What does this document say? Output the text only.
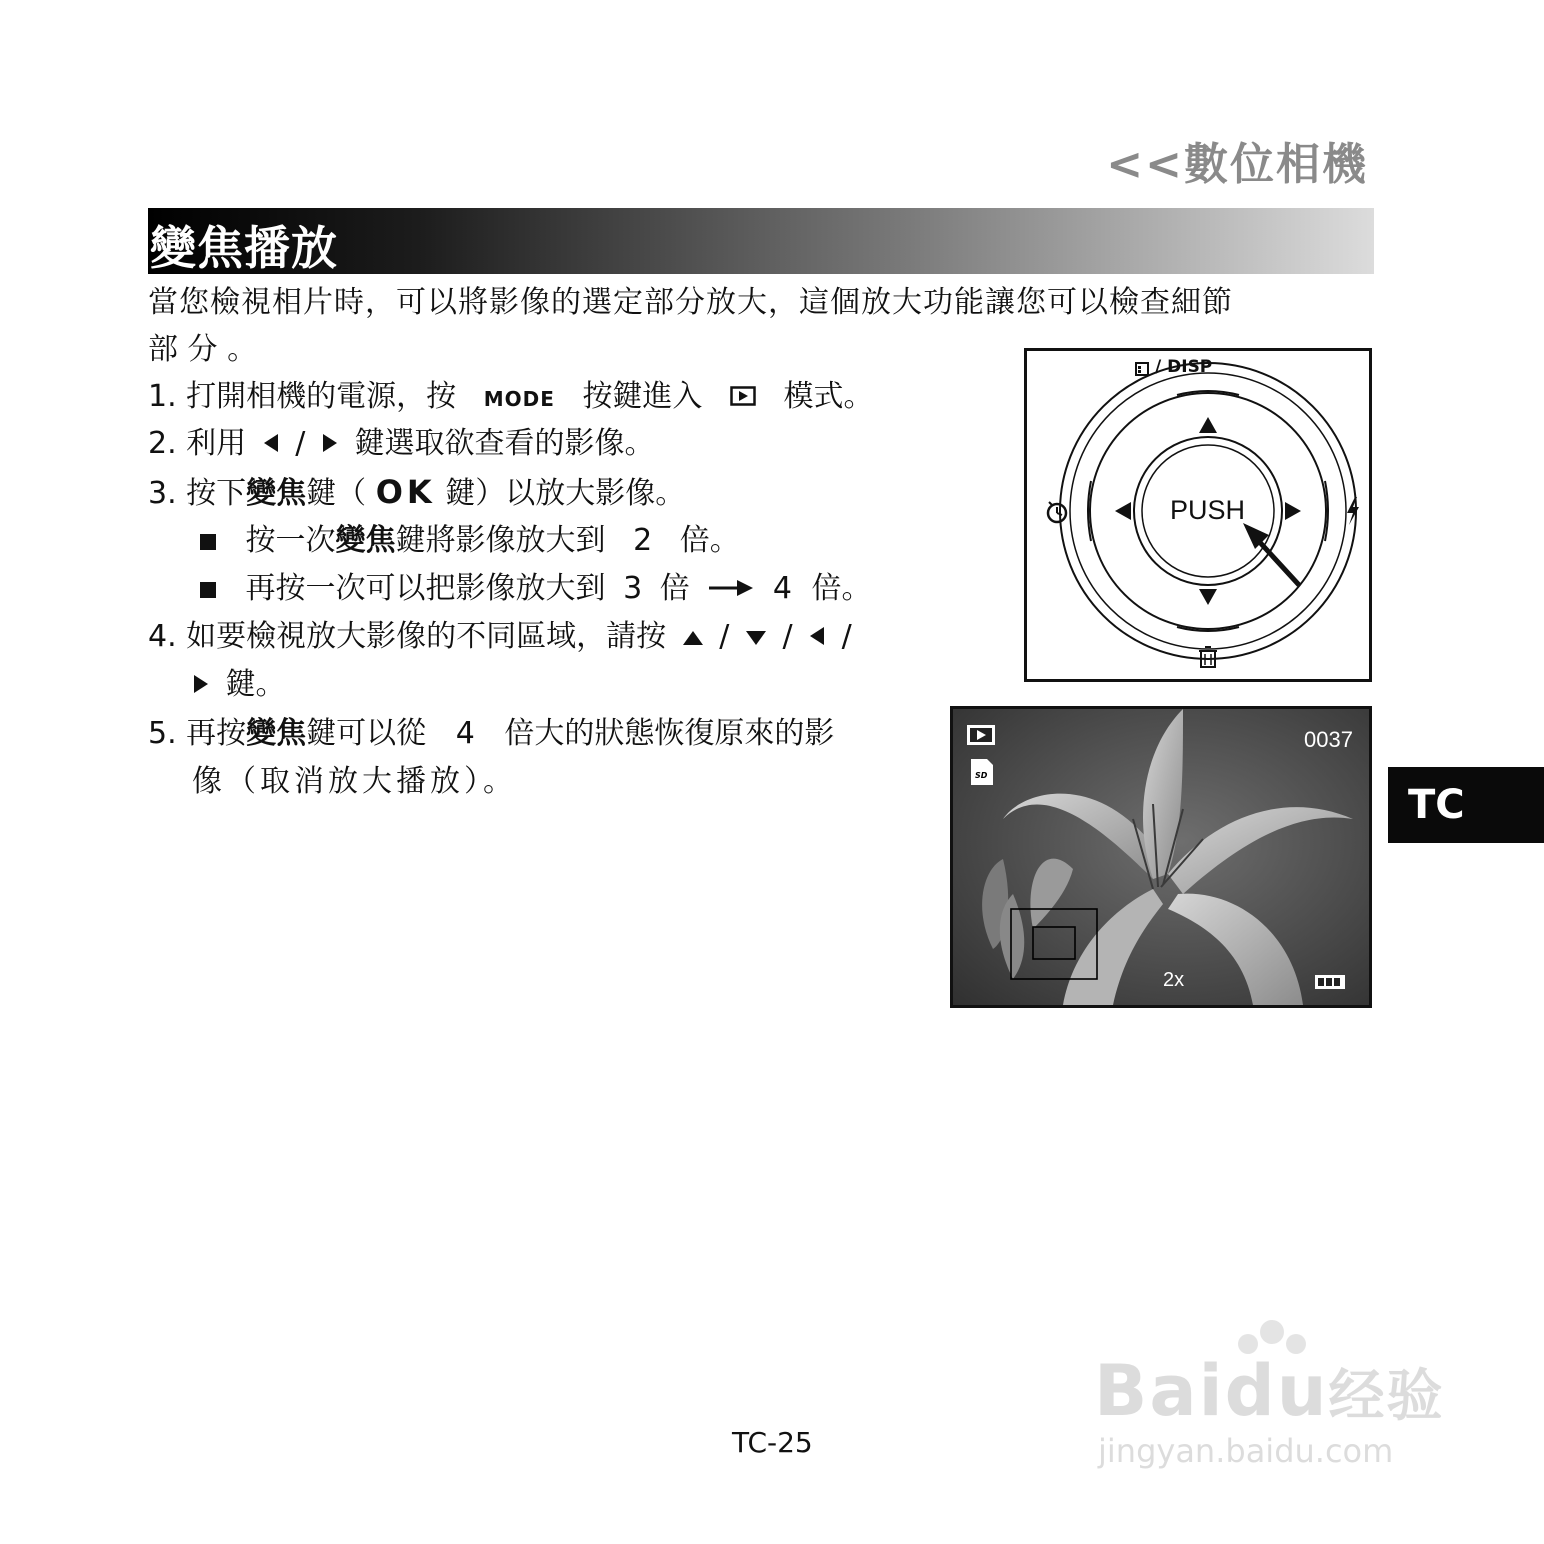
<<數位相機
變焦播放
當您檢視相片時，可以將影像的選定部分放大，這個放大功能讓您可以檢查細節
部 分 。
1. 打開相機的電源，按 MODE 按鍵進入	模式。
2. 利用 / 鍵選取欲查看的影像。
3. 按下變焦鍵（ OK 鍵）以放大影像。
按一次變焦鍵將影像放大到 2 倍。
再按一次可以把影像放大到 3 倍	4 倍。
4. 如要檢視放大影像的不同區域，請按 / / /
鍵。
5. 再按變焦鍵可以從 4 倍大的狀態恢復原來的影
像（取消放大播放）。
/ DISP
PUSH
SD
0037
2x
TC
TC-25
Baidu经验
jingyan.baidu.com
